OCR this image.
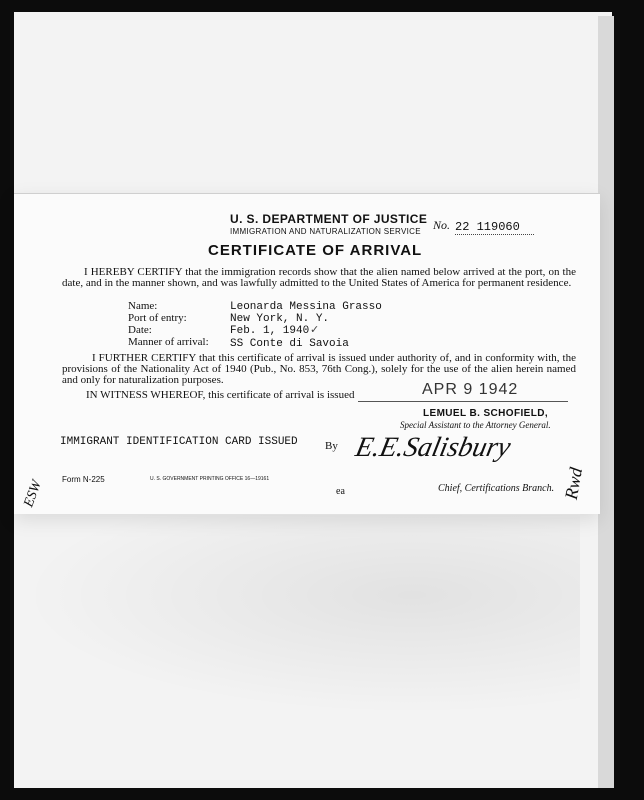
U. S. DEPARTMENT OF JUSTICE
IMMIGRATION AND NATURALIZATION SERVICE No. 22 119060
CERTIFICATE OF ARRIVAL
I HEREBY CERTIFY that the immigration records show that the alien named below arrived at the port, on the date, and in the manner shown, and was lawfully admitted to the United States of America for permanent residence.
Name:	Leonarda Messina Grasso
Port of entry:	New York, N. Y.
Date:	Feb. 1, 1940 ✓
Manner of arrival: SS Conte di Savoia
I FURTHER CERTIFY that this certificate of arrival is issued under authority of, and in conformity with, the provisions of the Nationality Act of 1940 (Pub., No. 853, 76th Cong.), solely for the use of the alien herein named and only for naturalization purposes.
IN WITNESS WHEREOF, this certificate of arrival is issued	APR 9 1942
LEMUEL B. SCHOFIELD,
Special Assistant to the Attorney General.
IMMIGRANT IDENTIFICATION CARD ISSUED By E.E.Salisbury
Form N-225	U. S. GOVERNMENT PRINTING OFFICE 16—19161
ea	Chief, Certifications Branch.
ESW	Rwd
